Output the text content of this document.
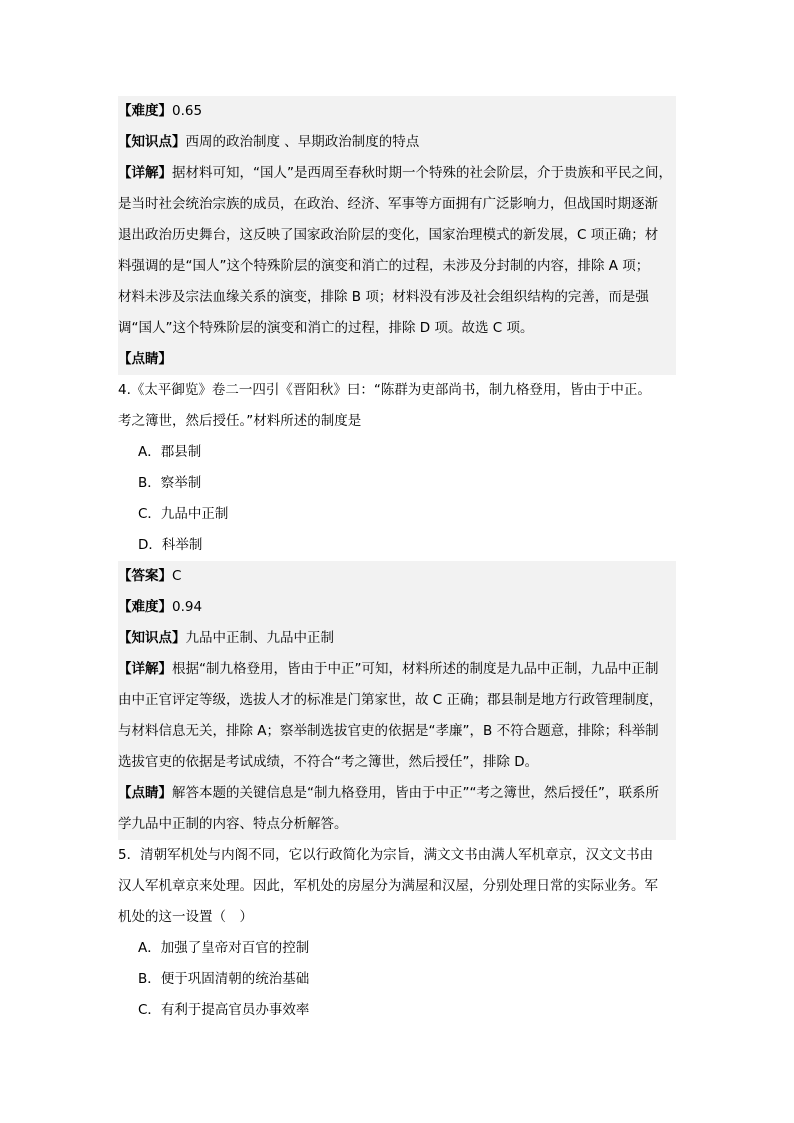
【难度】0.65
【知识点】西周的政治制度 、早期政治制度的特点
【详解】据材料可知，“国人”是西周至春秋时期一个特殊的社会阶层，介于贵族和平民之间，
是当时社会统治宗族的成员，在政治、经济、军事等方面拥有广泛影响力，但战国时期逐渐
退出政治历史舞台，这反映了国家政治阶层的变化，国家治理模式的新发展，C 项正确；材
料强调的是“国人”这个特殊阶层的演变和消亡的过程，未涉及分封制的内容，排除 A 项；
材料未涉及宗法血缘关系的演变，排除 B 项；材料没有涉及社会组织结构的完善，而是强
调“国人”这个特殊阶层的演变和消亡的过程，排除 D 项。故选 C 项。
【点睛】
4.《太平御览》卷二一四引《晋阳秋》曰：“陈群为吏部尚书，制九格登用，皆由于中正。
考之簿世，然后授任。”材料所述的制度是
A．郡县制
B．察举制
C．九品中正制
D．科举制
【答案】C
【难度】0.94
【知识点】九品中正制、九品中正制
【详解】根据“制九格登用，皆由于中正”可知，材料所述的制度是九品中正制，九品中正制
由中正官评定等级，选拔人才的标准是门第家世，故 C 正确；郡县制是地方行政管理制度，
与材料信息无关，排除 A；察举制选拔官吏的依据是“孝廉”，B 不符合题意，排除；科举制
选拔官吏的依据是考试成绩，不符合“考之簿世，然后授任”，排除 D。
【点睛】解答本题的关键信息是“制九格登用，皆由于中正”“考之簿世，然后授任”，联系所
学九品中正制的内容、特点分析解答。
5．清朝军机处与内阁不同，它以行政简化为宗旨，满文文书由满人军机章京，汉文文书由
汉人军机章京来处理。因此，军机处的房屋分为满屋和汉屋，分别处理日常的实际业务。军
机处的这一设置（　）
A．加强了皇帝对百官的控制
B．便于巩固清朝的统治基础
C．有利于提高官员办事效率
